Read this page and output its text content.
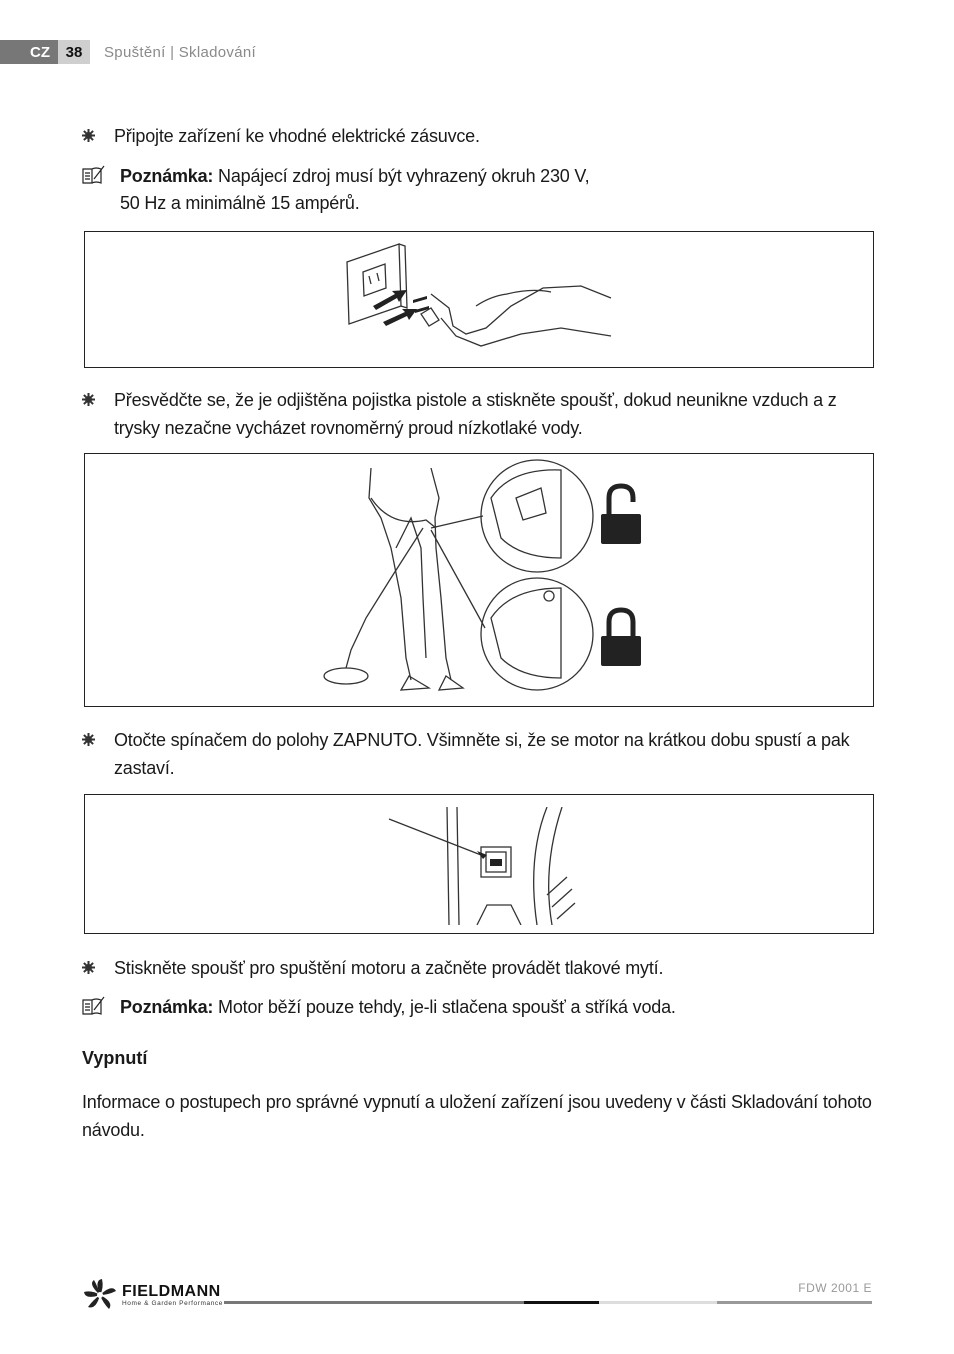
CZ	38	Spuštění | Skladování
Připojte zařízení ke vhodné elektrické zásuvce.
Poznámka: Napájecí zdroj musí být vyhrazený okruh 230 V,
50 Hz a minimálně 15 ampérů.
Přesvědčte se, že je odjištěna pojistka pistole a stiskněte spoušť, dokud neunikne vzduch a z trysky nezačne vycházet rovnoměrný proud nízkotlaké vody.
Otočte spínačem do polohy ZAPNUTO. Všimněte si, že se motor na krátkou dobu spustí a pak zastaví.
Stiskněte spoušť pro spuštění motoru a začněte provádět tlakové mytí.
Poznámka: Motor běží pouze tehdy, je-li stlačena spoušť a stříká voda.
Vypnutí
Informace o postupech pro správné vypnutí a uložení zařízení jsou uvedeny v části Skladování tohoto návodu.
FIELDMANN
Home & Garden Performance
FDW 2001 E
